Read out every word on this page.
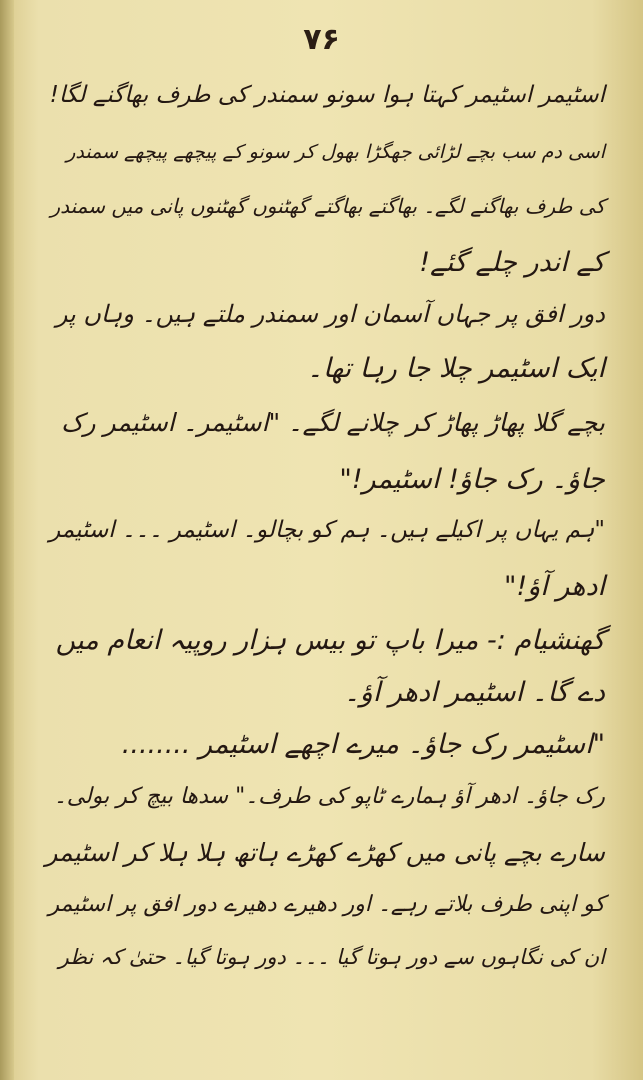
۷۶
اسٹیمر اسٹیمر کہتا ہوا سونو سمندر کی طرف بھاگنے لگا!
اسی دم سب بچے لڑائی جھگڑا بھول کر سونو کے پیچھے پیچھے سمندر
کی طرف بھاگنے لگے۔ بھاگتے بھاگتے گھٹنوں گھٹنوں پانی میں سمندر
کے اندر چلے گئے!
دور افق پر جہاں آسمان اور سمندر ملتے ہیں۔ وہاں پر
ایک اسٹیمر چلا جا رہا تھا۔
بچے گلا پھاڑ پھاڑ کر چلانے لگے۔ "اسٹیمر۔ اسٹیمر رک
جاؤ۔ رک جاؤ! اسٹیمر!"
"ہم یہاں پر اکیلے ہیں۔ ہم کو بچالو۔ اسٹیمر ۔۔۔ اسٹیمر
ادھر آؤ!"
گھنشیام :- میرا باپ تو بیس ہزار روپیہ انعام میں
دے گا۔ اسٹیمر ادھر آؤ۔
"اسٹیمر رک جاؤ۔ میرے اچھے اسٹیمر ........
رک جاؤ۔ ادھر آؤ ہمارے ٹاپو کی طرف۔" سدھا بیچ کر بولی۔
سارے بچے پانی میں کھڑے کھڑے ہاتھ ہلا ہلا کر اسٹیمر
کو اپنی طرف بلاتے رہے۔ اور دھیرے دھیرے دور افق پر اسٹیمر
ان کی نگاہوں سے دور ہوتا گیا ۔۔۔ دور ہوتا گیا۔ حتیٰ کہ نظر
